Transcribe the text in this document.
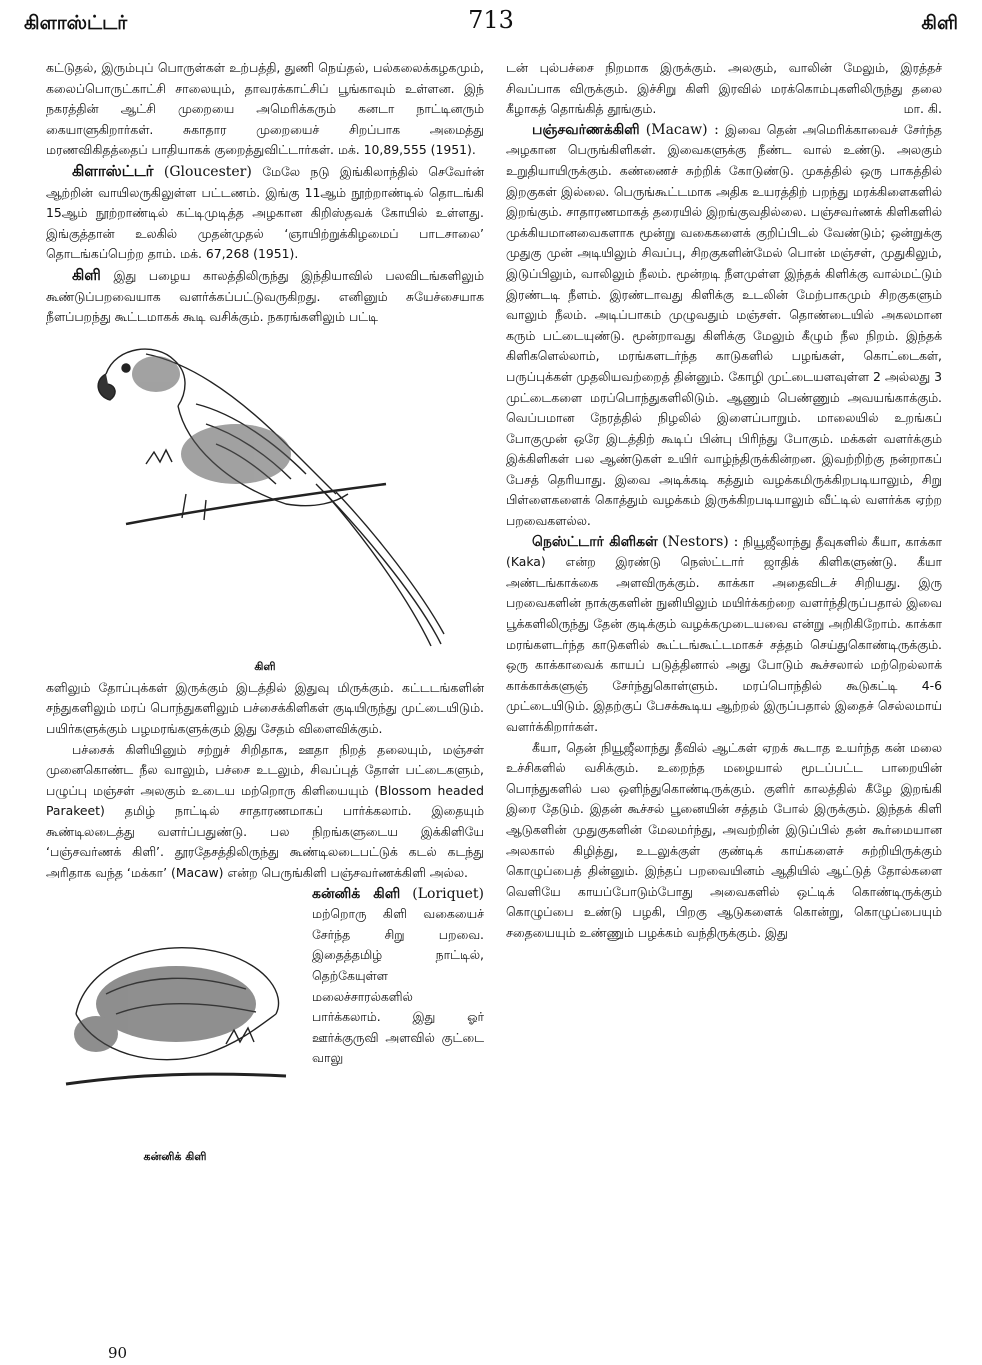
கிளாஸ்ட்டர்	713	கிளி

கட்டுதல், இரும்புப் பொருள்கள் உற்பத்தி, துணி நெய்தல், பல்கலைக்கழகமும், கலைப்பொருட்காட்சி சாலையும், தாவரக்காட்சிப் பூங்காவும் உள்ளன. இந் நகரத்தின் ஆட்சி முறையை அமெரிக்கரும் கனடா நாட்டினரும் கையாளுகிறார்கள். சுகாதார முறையைச் சிறப்பாக அமைத்து மரணவிகிதத்தைப் பாதியாகக் குறைத்துவிட்டார்கள். மக். 10,89,555 (1951).

கிளாஸ்ட்டர் (Gloucester) மேலே நடு இங்கிலாந்தில் செவேர்ன் ஆற்றின் வாயிலருகிலுள்ள பட்டணம். இங்கு 11ஆம் நூற்றாண்டில் தொடங்கி 15ஆம் நூற்றாண்டில் கட்டிமுடித்த அழகான கிறிஸ்தவக் கோயில் உள்ளது. இங்குத்தான் உலகில் முதன்முதல் ‘ஞாயிற்றுக்கிழமைப் பாடசாலை’ தொடங்கப்பெற்ற தாம். மக். 67,268 (1951).

கிளி இது பழைய காலத்திலிருந்து இந்தியாவில் பலவிடங்களிலும் கூண்டுப்பறவையாக வளர்க்கப்பட்டுவருகிறது. எனினும் சுயேச்சையாக நீளப்பறந்து கூட்டமாகக் கூடி வசிக்கும். நகரங்களிலும் பட்டி

கிளி

களிலும் தோப்புக்கள் இருக்கும் இடத்தில் இதுவு மிருக்கும். கட்டடங்களின் சந்துகளிலும் மரப் பொந்துகளிலும் பச்சைக்கிளிகள் குடியிருந்து முட்டையிடும். பயிர்களுக்கும் பழமரங்களுக்கும் இது சேதம் விளைவிக்கும்.

பச்சைக் கிளியினும் சற்றுச் சிறிதாக, ஊதா நிறத் தலையும், மஞ்சள் முனைகொண்ட நீல வாலும், பச்சை உடலும், சிவப்புத் தோள் பட்டைகளும், பழுப்பு மஞ்சள் அலகும் உடைய மற்றொரு கிளியையும் (Blossom headed Parakeet) தமிழ் நாட்டில் சாதாரணமாகப் பார்க்கலாம். இதையும் கூண்டிலடைத்து வளர்ப்பதுண்டு. பல நிறங்களுடைய இக்கிளியே ‘பஞ்சவர்ணக் கிளி’. தூரதேசத்திலிருந்து கூண்டிலடைபட்டுக் கடல் கடந்து அரிதாக வந்த ‘மக்கா’ (Macaw) என்ற பெருங்கிளி பஞ்சவர்ணக்கிளி அல்ல.

கன்னிக் கிளி

கன்னிக் கிளி (Loriquet) மற்றொரு கிளி வகையைச் சேர்ந்த சிறு பறவை. இதைத்தமிழ் நாட்டில், தெற்கேயுள்ள மலைச்சாரல்களில் பார்க்கலாம். இது ஓர் ஊர்க்குருவி அளவில் குட்டை வாலு

டன் புல்பச்சை நிறமாக இருக்கும். அலகும், வாலின் மேலும், இரத்தச் சிவப்பாக விருக்கும். இச்சிறு கிளி இரவில் மரக்கொம்புகளிலிருந்து தலை கீழாகத் தொங்கித் தூங்கும்.	மா. கி.

பஞ்சவர்ணக்கிளி (Macaw) : இவை தென் அமெரிக்காவைச் சேர்ந்த அழகான பெருங்கிளிகள். இவைகளுக்கு நீண்ட வால் உண்டு. அலகும் உறுதியாயிருக்கும். கண்ணைச் சுற்றிக் கோடுண்டு. முகத்தில் ஒரு பாகத்தில் இறகுகள் இல்லை. பெருங்கூட்டமாக அதிக உயரத்திற் பறந்து மரக்கிளைகளில் இறங்கும். சாதாரணமாகத் தரையில் இறங்குவதில்லை. பஞ்சவர்ணக் கிளிகளில் முக்கியமானவைகளாக மூன்று வகைகளைக் குறிப்பிடல் வேண்டும்; ஒன்றுக்கு முதுகு முன் அடியிலும் சிவப்பு, சிறகுகளின்மேல் பொன் மஞ்சள், முதுகிலும், இடுப்பிலும், வாலிலும் நீலம். மூன்றடி நீளமுள்ள இந்தக் கிளிக்கு வால்மட்டும் இரண்டடி நீளம். இரண்டாவது கிளிக்கு உடலின் மேற்பாகமும் சிறகுகளும் வாலும் நீலம். அடிப்பாகம் முழுவதும் மஞ்சள். தொண்டையில் அகலமான கரும் பட்டையுண்டு. மூன்றாவது கிளிக்கு மேலும் கீழும் நீல நிறம். இந்தக் கிளிகளெல்லாம், மரங்களடர்ந்த காடுகளில் பழங்கள், கொட்டைகள், பருப்புக்கள் முதலியவற்றைத் தின்னும். கோழி முட்டையளவுள்ள 2 அல்லது 3 முட்டைகளை மரப்பொந்துகளிலிடும். ஆணும் பெண்ணும் அவயங்காக்கும். வெப்பமான நேரத்தில் நிழலில் இளைப்பாறும். மாலையில் உறங்கப் போகுமுன் ஒரே இடத்திற் கூடிப் பின்பு பிரிந்து போகும். மக்கள் வளர்க்கும் இக்கிளிகள் பல ஆண்டுகள் உயிர் வாழ்ந்திருக்கின்றன. இவற்றிற்கு நன்றாகப் பேசத் தெரியாது. இவை அடிக்கடி கத்தும் வழக்கமிருக்கிறபடியாலும், சிறு பிள்ளைகளைக் கொத்தும் வழக்கம் இருக்கிறபடியாலும் வீட்டில் வளர்க்க ஏற்ற பறவைகளல்ல.

நெஸ்ட்டார் கிளிகள் (Nestors) : நியூஜீலாந்து தீவுகளில் கீயா, காக்கா (Kaka) என்ற இரண்டு நெஸ்ட்டார் ஜாதிக் கிளிகளுண்டு. கீயா அண்டங்காக்கை அளவிருக்கும். காக்கா அதைவிடச் சிறியது. இரு பறவைகளின் நாக்குகளின் நுனியிலும் மயிர்க்கற்றை வளர்ந்திருப்பதால் இவை பூக்களிலிருந்து தேன் குடிக்கும் வழக்கமுடையவை என்று அறிகிறோம். காக்கா மரங்களடர்ந்த காடுகளில் கூட்டங்கூட்டமாகச் சத்தம் செய்துகொண்டிருக்கும். ஒரு காக்காவைக் காயப் படுத்தினால் அது போடும் கூச்சலால் மற்றெல்லாக் காக்காக்களுஞ் சேர்ந்துகொள்ளும். மரப்பொந்தில் கூடுகட்டி 4-6 முட்டையிடும். இதற்குப் பேசக்கூடிய ஆற்றல் இருப்பதால் இதைச் செல்லமாய் வளர்க்கிறார்கள்.

கீயா, தென் நியூஜீலாந்து தீவில் ஆட்கள் ஏறக் கூடாத உயர்ந்த கன் மலை உச்சிகளில் வசிக்கும். உறைந்த மழையால் மூடப்பட்ட பாறையின் பொந்துகளில் பல ஒளிந்துகொண்டிருக்கும். குளிர் காலத்தில் கீழே இறங்கி இரை தேடும். இதன் கூச்சல் பூனையின் சத்தம் போல் இருக்கும். இந்தக் கிளி ஆடுகளின் முதுகுகளின் மேலமர்ந்து, அவற்றின் இடுப்பில் தன் கூர்மையான அலகால் கிழித்து, உடலுக்குள் குண்டிக் காய்களைச் சுற்றியிருக்கும் கொழுப்பைத் தின்னும். இந்தப் பறவையினம் ஆதியில் ஆட்டுத் தோல்களை வெளியே காயப்போடும்போது அவைகளில் ஒட்டிக் கொண்டிருக்கும் கொழுப்பை உண்டு பழகி, பிறகு ஆடுகளைக் கொன்று, கொழுப்பையும் சதையையும் உண்ணும் பழக்கம் வந்திருக்கும். இது

90
